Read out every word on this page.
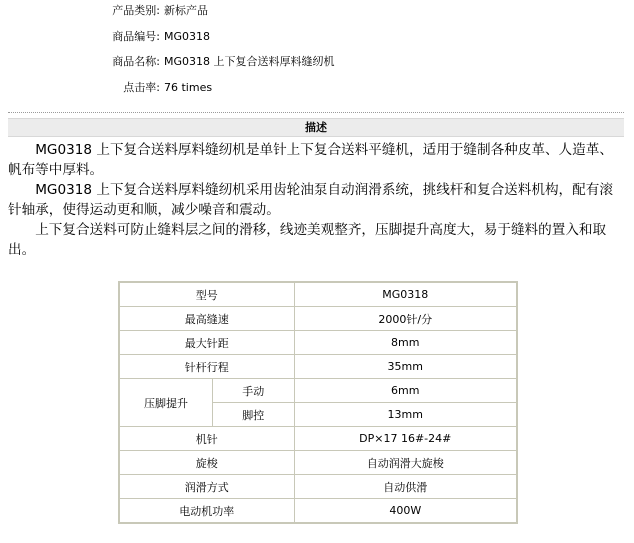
产品类别: 新标产品
商品编号: MG0318
商品名称: MG0318 上下复合送料厚料缝纫机
点击率: 76 times
描述

MG0318 上下复合送料厚料缝纫机是单针上下复合送料平缝机，适用于缝制各种皮革、人造革、帆布等中厚料。

MG0318 上下复合送料厚料缝纫机采用齿轮油泵自动润滑系统，挑线杆和复合送料机构，配有滚针轴承，使得运动更和顺，减少噪音和震动。

上下复合送料可防止缝料层之间的滑移，线迹美观整齐，压脚提升高度大，易于缝料的置入和取出。

型号		MG0318
最高缝速		2000针/分
最大针距		8mm
针杆行程		35mm
压脚提升	手动	6mm
	脚控	13mm
机针		DP×17 16#-24#
旋梭		自动润滑大旋梭
润滑方式		自动供滑
电动机功率		400W
